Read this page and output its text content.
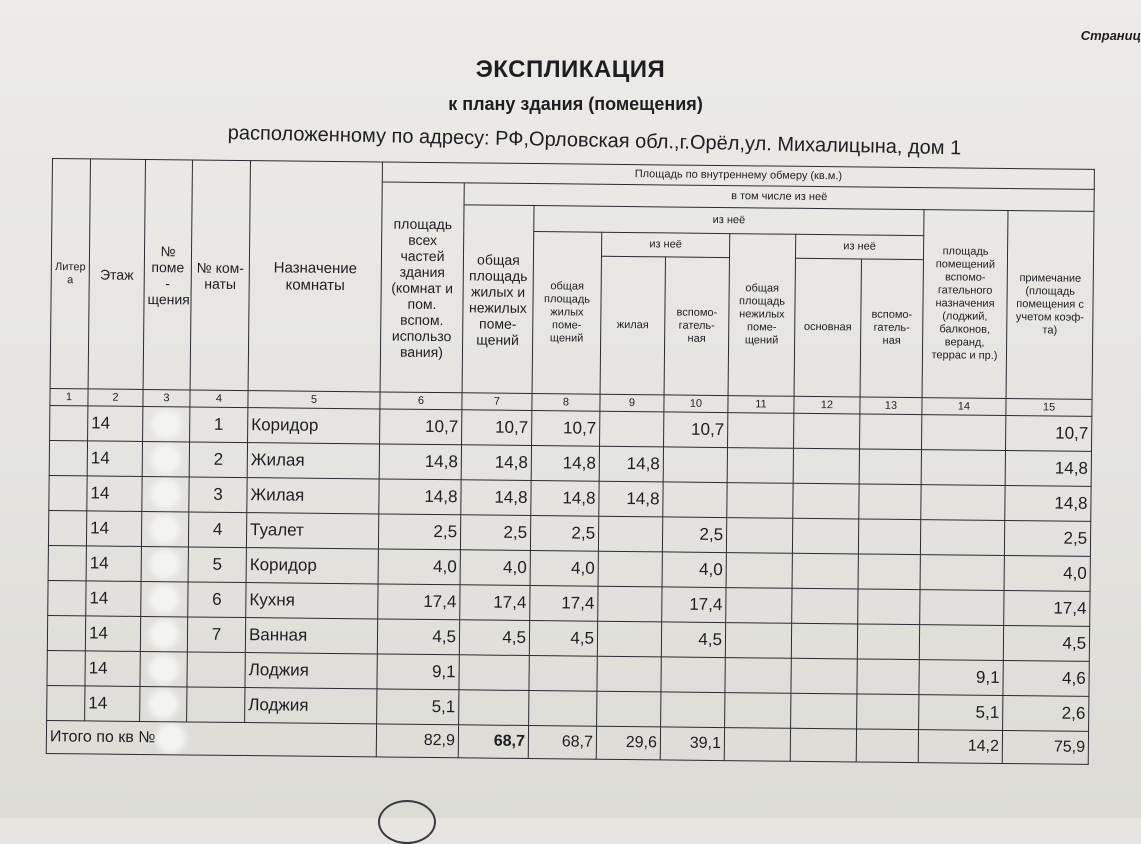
Страниц
ЭКСПЛИКАЦИЯ
к плану здания (помещения)
расположенному по адресу: РФ,Орловская обл.,г.Орёл,ул. Михалицына, дом 1
Литер а	Этаж	№ поме - щения	№ ком- наты	Назначение комнаты	Площадь по внутреннему обмеру (кв.м.)									
					площадь всех частей здания (комнат и пом. вспом. использо вания)	в том числе из неё								
						общая площадь жилых и нежилых поме- щений	из неё						площадь помещений вспомо- гательного назначения (лоджий, балконов, веранд, террас и пр.)	примечание (площадь помещения с учетом коэф-та)
							общая площадь жилых поме- щений	из неё		общая площадь нежилых поме- щений	из неё			
								жилая	вспомо- гатель- ная		основная	вспомо- гатель- ная		
1	2	3	4	5	6	7	8	9	10	11	12	13	14	15
	14		1	Коридор	10,7	10,7	10,7		10,7					10,7
	14		2	Жилая	14,8	14,8	14,8	14,8						14,8
	14		3	Жилая	14,8	14,8	14,8	14,8						14,8
	14		4	Туалет	2,5	2,5	2,5		2,5					2,5
	14		5	Коридор	4,0	4,0	4,0		4,0					4,0
	14		6	Кухня	17,4	17,4	17,4		17,4					17,4
	14		7	Ванная	4,5	4,5	4,5		4,5					4,5
	14			Лоджия	9,1								9,1	4,6
	14			Лоджия	5,1								5,1	2,6
Итого по кв №					82,9	68,7	68,7	29,6	39,1				14,2	75,9
